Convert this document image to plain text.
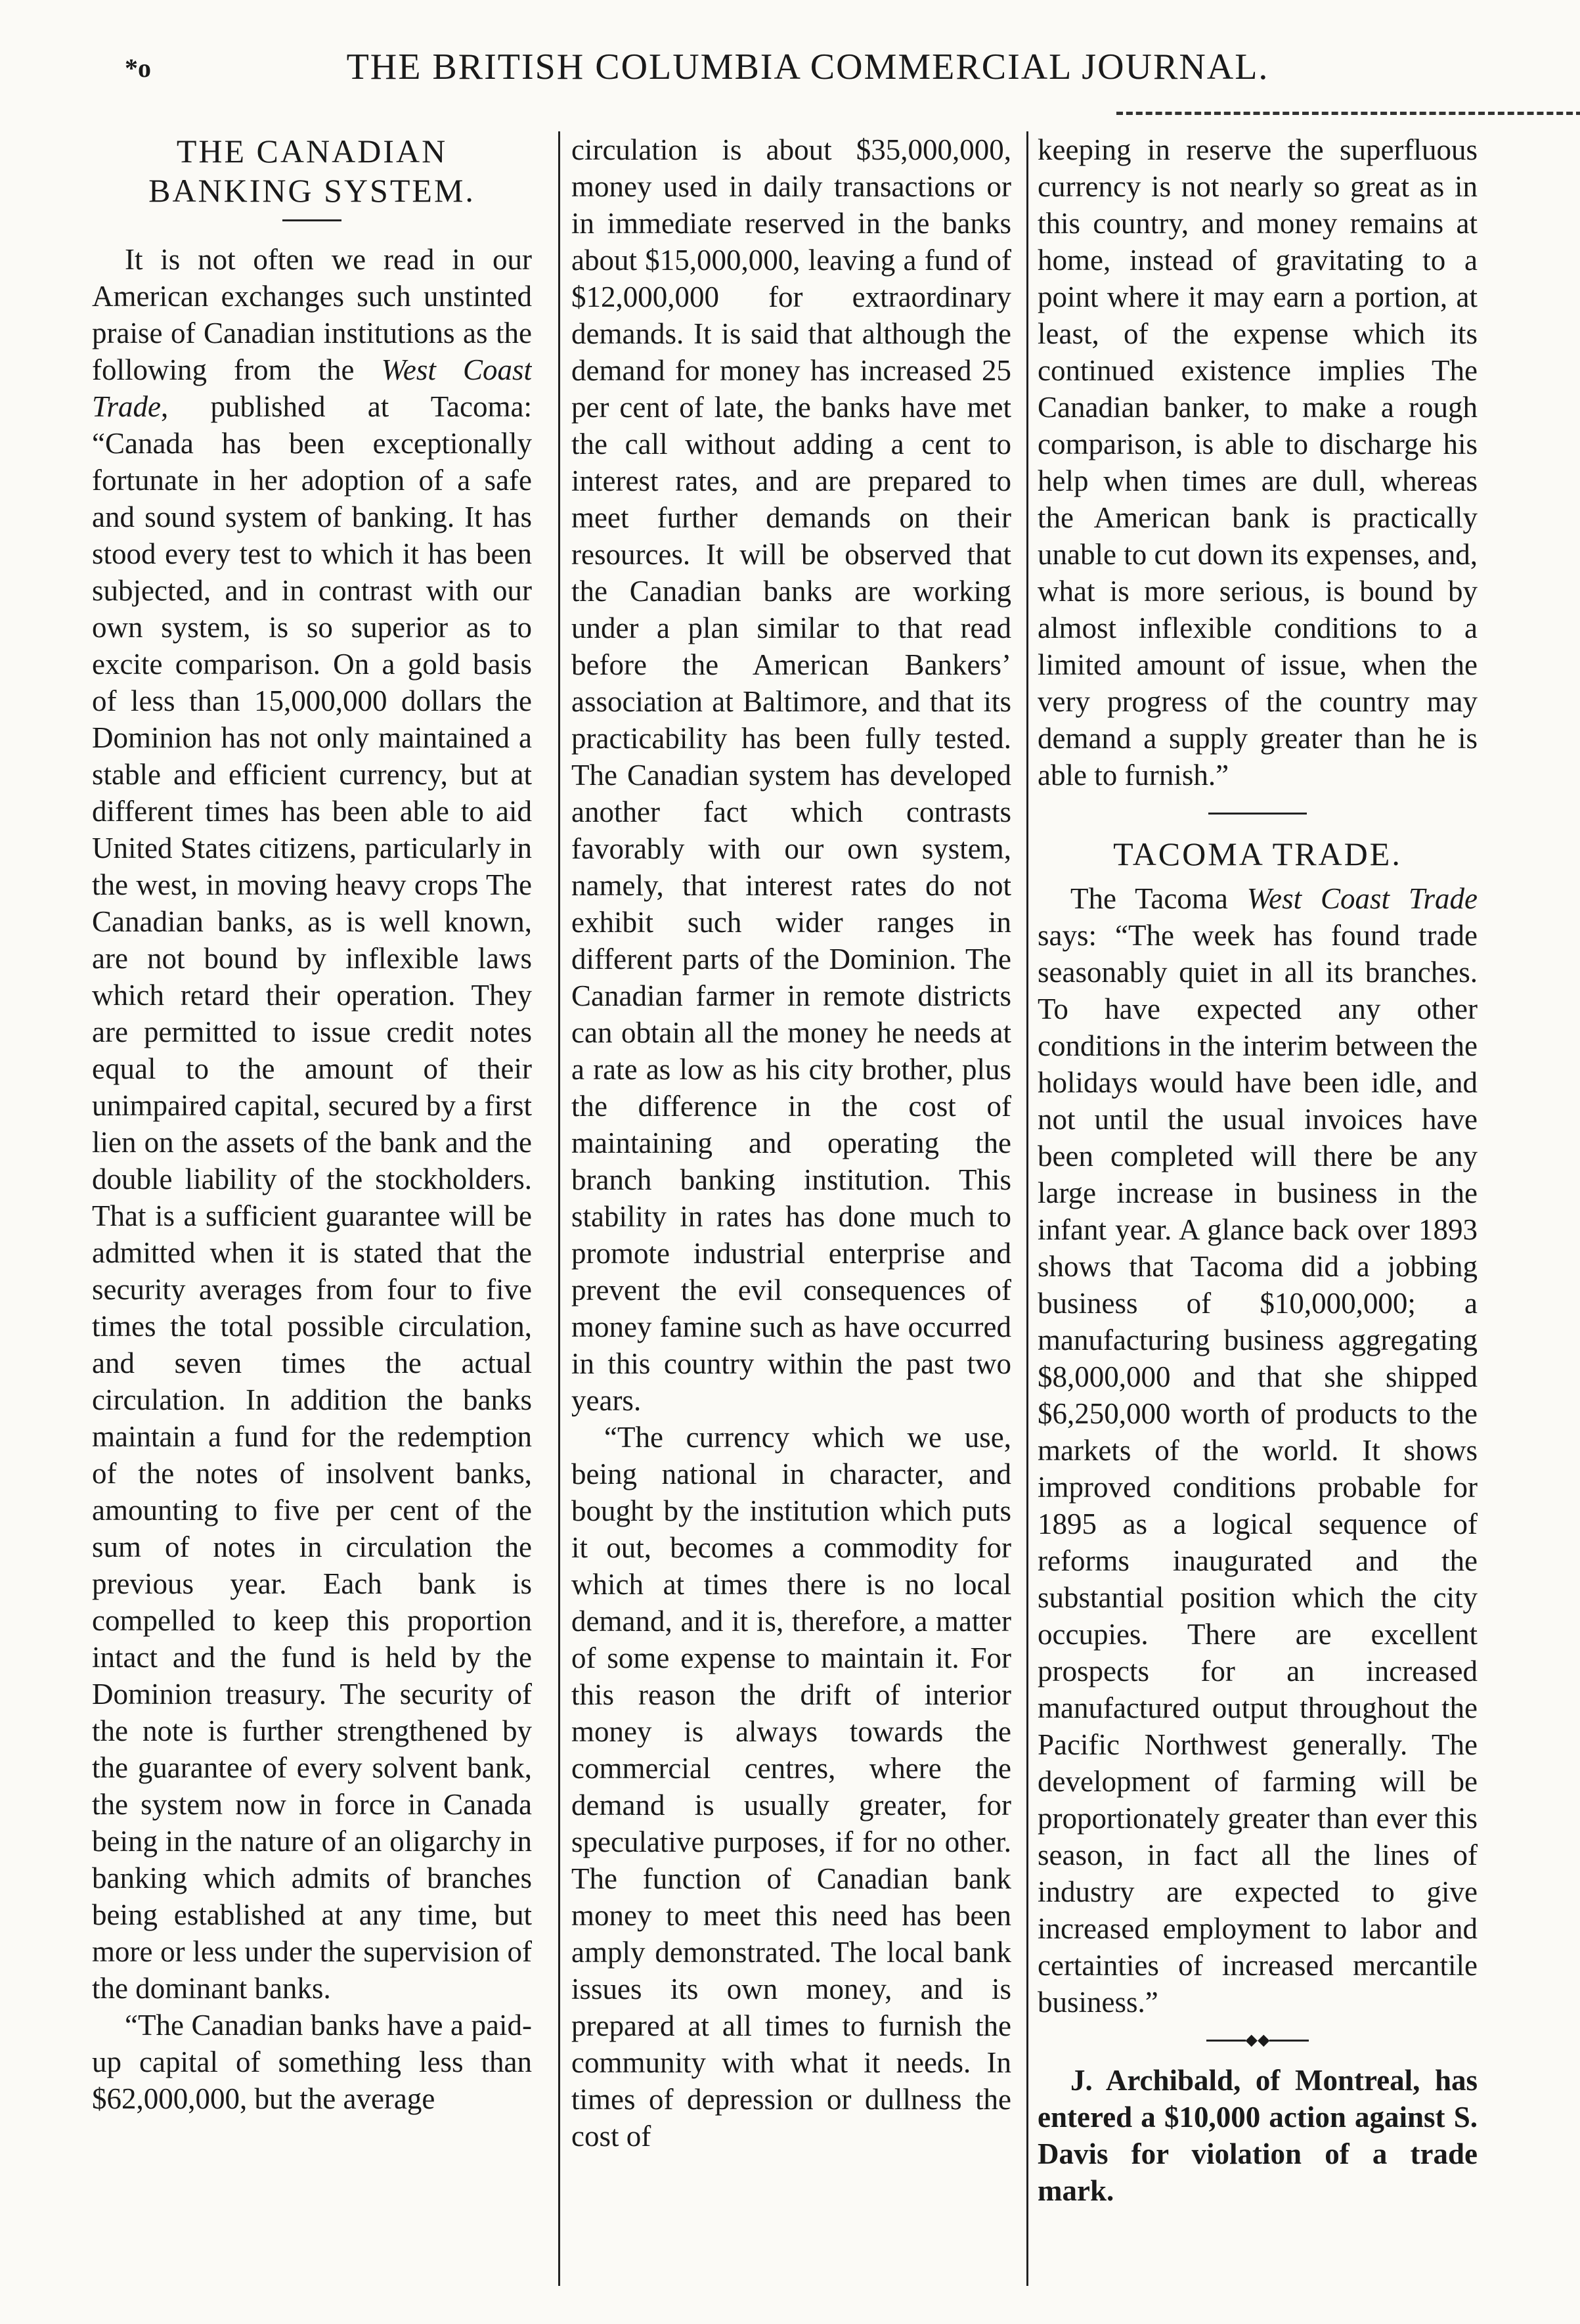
*o	THE BRITISH COLUMBIA COMMERCIAL JOURNAL.
THE CANADIAN BANKING SYSTEM.

It is not often we read in our American exchanges such unstinted praise of Canadian institutions as the following from the West Coast Trade, published at Tacoma: “Canada has been exceptionally fortunate in her adoption of a safe and sound system of banking. It has stood every test to which it has been subjected, and in contrast with our own system, is so superior as to excite comparison. On a gold basis of less than 15,000,000 dollars the Dominion has not only maintained a stable and efficient currency, but at different times has been able to aid United States citizens, particularly in the west, in moving heavy crops The Canadian banks, as is well known, are not bound by inflexible laws which retard their operation. They are permitted to issue credit notes equal to the amount of their unimpaired capital, secured by a first lien on the assets of the bank and the double liability of the stockholders. That is a sufficient guarantee will be admitted when it is stated that the security averages from four to five times the total possible circulation, and seven times the actual circulation. In addition the banks maintain a fund for the redemption of the notes of insolvent banks, amounting to five per cent of the sum of notes in circulation the previous year. Each bank is compelled to keep this proportion intact and the fund is held by the Dominion treasury. The security of the note is further strengthened by the guarantee of every solvent bank, the system now in force in Canada being in the nature of an oligarchy in banking which admits of branches being established at any time, but more or less under the supervision of the dominant banks.

“The Canadian banks have a paid-up capital of something less than $62,000,000, but the average

circulation is about $35,000,000, money used in daily transactions or in immediate reserved in the banks about $15,000,000, leaving a fund of $12,000,000 for extraordinary demands. It is said that although the demand for money has increased 25 per cent of late, the banks have met the call without adding a cent to interest rates, and are prepared to meet further demands on their resources. It will be observed that the Canadian banks are working under a plan similar to that read before the American Bankers’ association at Baltimore, and that its practicability has been fully tested. The Canadian system has developed another fact which contrasts favorably with our own system, namely, that interest rates do not exhibit such wider ranges in different parts of the Dominion. The Canadian farmer in remote districts can obtain all the money he needs at a rate as low as his city brother, plus the difference in the cost of maintaining and operating the branch banking institution. This stability in rates has done much to promote industrial enterprise and prevent the evil consequences of money famine such as have occurred in this country within the past two years.

“The currency which we use, being national in character, and bought by the institution which puts it out, becomes a commodity for which at times there is no local demand, and it is, therefore, a matter of some expense to maintain it. For this reason the drift of interior money is always towards the commercial centres, where the demand is usually greater, for speculative purposes, if for no other. The function of Canadian bank money to meet this need has been amply demonstrated. The local bank issues its own money, and is prepared at all times to furnish the community with what it needs. In times of depression or dullness the cost of

keeping in reserve the superfluous currency is not nearly so great as in this country, and money remains at home, instead of gravitating to a point where it may earn a portion, at least, of the expense which its continued existence implies The Canadian banker, to make a rough comparison, is able to discharge his help when times are dull, whereas the American bank is practically unable to cut down its expenses, and, what is more serious, is bound by almost inflexible conditions to a limited amount of issue, when the very progress of the country may demand a supply greater than he is able to furnish.”

TACOMA TRADE.

The Tacoma West Coast Trade says: “The week has found trade seasonably quiet in all its branches. To have expected any other conditions in the interim between the holidays would have been idle, and not until the usual invoices have been completed will there be any large increase in business in the infant year. A glance back over 1893 shows that Tacoma did a jobbing business of $10,000,000; a manufacturing business aggregating $8,000,000 and that she shipped $6,250,000 worth of products to the markets of the world. It shows improved conditions probable for 1895 as a logical sequence of reforms inaugurated and the substantial position which the city occupies. There are excellent prospects for an increased manufactured output throughout the Pacific Northwest generally. The development of farming will be proportionately greater than ever this season, in fact all the lines of industry are expected to give increased employment to labor and certainties of increased mercantile business.”

◆◆

J. Archibald, of Montreal, has entered a $10,000 action against S. Davis for violation of a trade mark.
